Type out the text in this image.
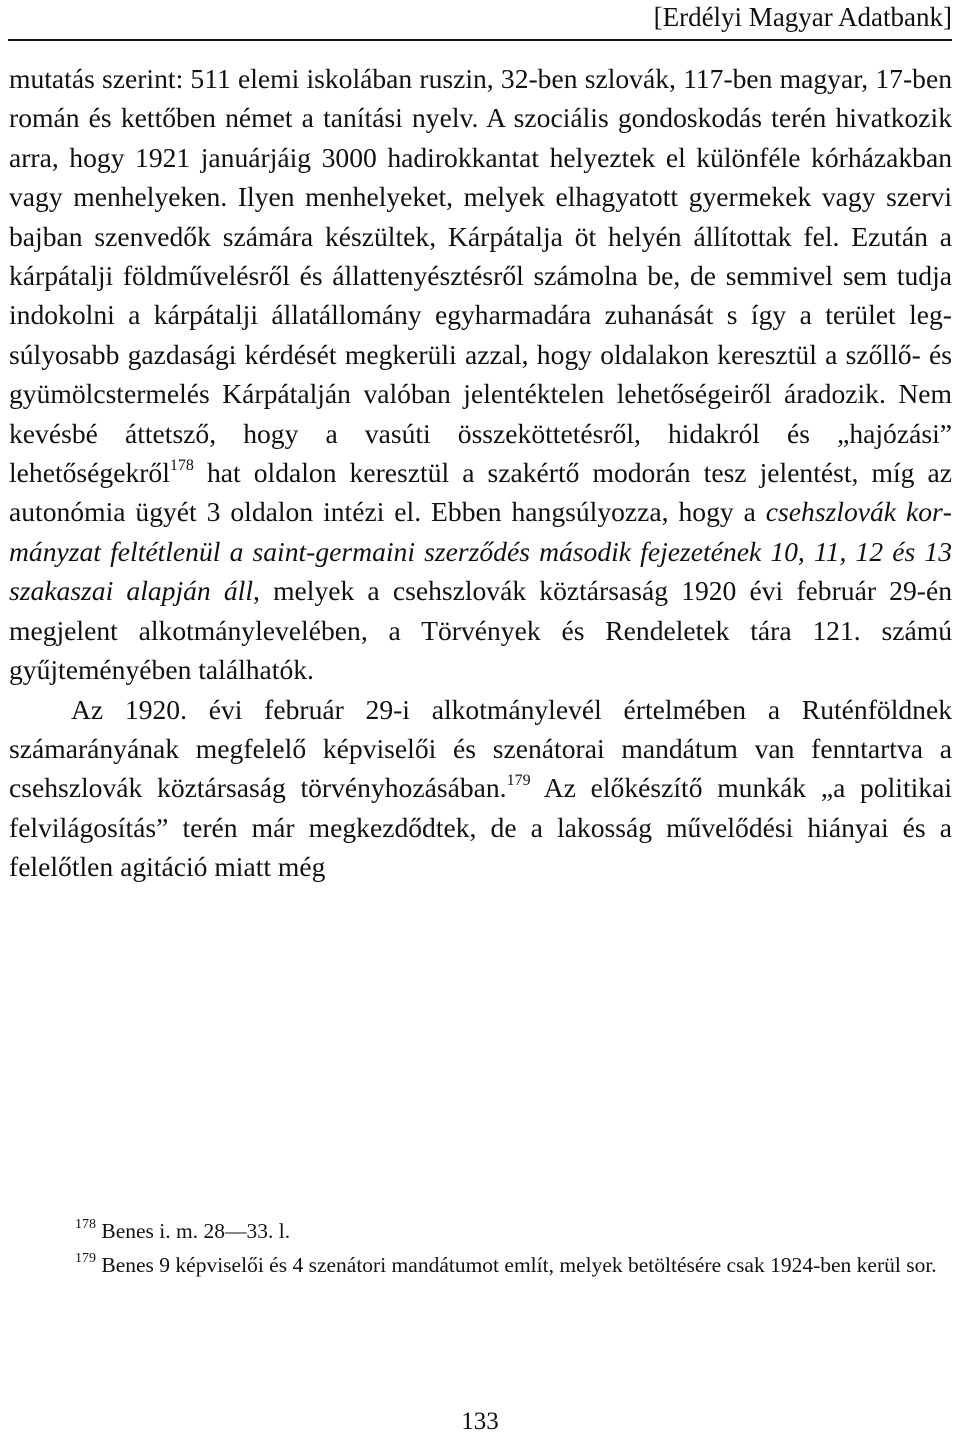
[Erdélyi Magyar Adatbank]

mutatás szerint: 511 elemi iskolában ruszin, 32-ben szlovák, 117-ben magyar, 17-ben román és kettőben német a tanítási nyelv. A szociális gondoskodás terén hivatkozik arra, hogy 1921 januárjáig 3000 hadirokkantat helyeztek el különféle kórházakban vagy menhelyeken. Ilyen menhelyeket, melyek elhagyatott gyermekek vagy szervi bajban szenvedők számára készültek, Kárpátalja öt helyén állítottak fel. Ezután a kárpátalji földművelésről és állattenyésztésről számolna be, de semmivel sem tudja indokolni a kárpátalji állatállomány egyharmadára zuhanását s így a terület legsúlyosabb gazdasági kérdését megkerüli azzal, hogy oldalakon keresztül a szőllő- és gyümölcstermelés Kárpátalján valóban jelentéktelen lehetőségeiről áradozik. Nem kevésbé áttetsző, hogy a vasúti összeköttetésről, hidakról és „hajózási” lehetőségekről$^{178}$ hat oldalon keresztül a szakértő modorán tesz jelentést, míg az autonómia ügyét 3 oldalon intézi el. Ebben hangsúlyozza, hogy a csehszlovák kormányzat feltétlenül a saint-germaini szerződés második fejezetének 10, 11, 12 és 13 szakaszai alapján áll, melyek a csehszlovák köztársaság 1920 évi február 29-én megjelent alkotmánylevelében, a Törvények és Rendeletek tára 121. számú gyűjteményében találhatók.

Az 1920. évi február 29-i alkotmánylevél értelmében a Ruténföldnek számarányának megfelelő képviselői és szenátorai mandátum van fenntartva a csehszlovák köztársaság törvényhozásában.$^{179}$ Az előkészítő munkák „a politikai felvilágosítás” terén már megkezdődtek, de a lakosság művelődési hiányai és a felelőtlen agitáció miatt még

$^{178}$ Benes i. m. 28—33. l.

$^{179}$ Benes 9 képviselői és 4 szenátori mandátumot említ, melyek betöltésére csak 1924-ben kerül sor.

133
